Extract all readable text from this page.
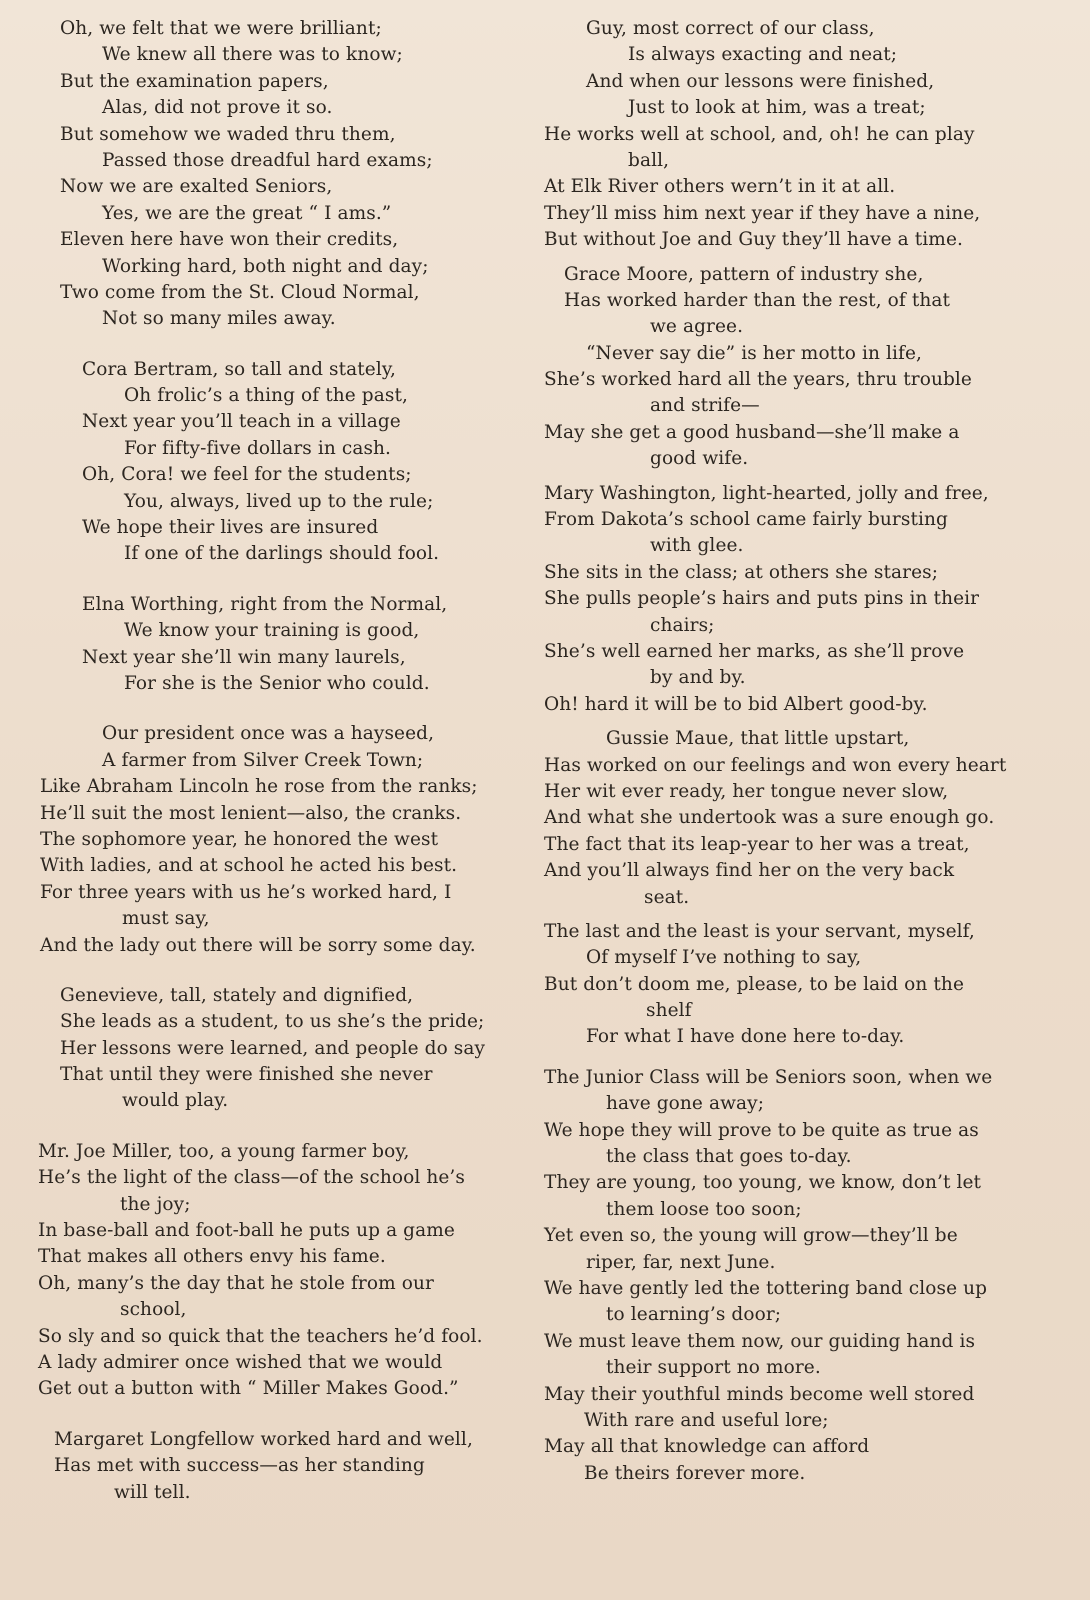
Oh, we felt that we were brilliant;
We knew all there was to know;
But the examination papers,
Alas, did not prove it so.
But somehow we waded thru them,
Passed those dreadful hard exams;
Now we are exalted Seniors,
Yes, we are the great “ I ams.”
Eleven here have won their credits,
Working hard, both night and day;
Two come from the St. Cloud Normal,
Not so many miles away.
Cora Bertram, so tall and stately,
Oh frolic’s a thing of the past,
Next year you’ll teach in a village
For fifty-five dollars in cash.
Oh, Cora! we feel for the students;
You, always, lived up to the rule;
We hope their lives are insured
If one of the darlings should fool.
Elna Worthing, right from the Normal,
We know your training is good,
Next year she’ll win many laurels,
For she is the Senior who could.
Our president once was a hayseed,
A farmer from Silver Creek Town;
Like Abraham Lincoln he rose from the ranks;
He’ll suit the most lenient—also, the cranks.
The sophomore year, he honored the west
With ladies, and at school he acted his best.
For three years with us he’s worked hard, I
must say,
And the lady out there will be sorry some day.
Genevieve, tall, stately and dignified,
She leads as a student, to us she’s the pride;
Her lessons were learned, and people do say
That until they were finished she never
would play.
Mr. Joe Miller, too, a young farmer boy,
He’s the light of the class—of the school he’s
the joy;
In base-ball and foot-ball he puts up a game
That makes all others envy his fame.
Oh, many’s the day that he stole from our
school,
So sly and so quick that the teachers he’d fool.
A lady admirer once wished that we would
Get out a button with “ Miller Makes Good.”
Margaret Longfellow worked hard and well,
Has met with success—as her standing
will tell.
Guy, most correct of our class,
Is always exacting and neat;
And when our lessons were finished,
Just to look at him, was a treat;
He works well at school, and, oh! he can play
ball,
At Elk River others wern’t in it at all.
They’ll miss him next year if they have a nine,
But without Joe and Guy they’ll have a time.
Grace Moore, pattern of industry she,
Has worked harder than the rest, of that
we agree.
“Never say die” is her motto in life,
She’s worked hard all the years, thru trouble
and strife—
May she get a good husband—she’ll make a
good wife.
Mary Washington, light-hearted, jolly and free,
From Dakota’s school came fairly bursting
with glee.
She sits in the class; at others she stares;
She pulls people’s hairs and puts pins in their
chairs;
She’s well earned her marks, as she’ll prove
by and by.
Oh! hard it will be to bid Albert good-by.
Gussie Maue, that little upstart,
Has worked on our feelings and won every heart
Her wit ever ready, her tongue never slow,
And what she undertook was a sure enough go.
The fact that its leap-year to her was a treat,
And you’ll always find her on the very back
seat.
The last and the least is your servant, myself,
Of myself I’ve nothing to say,
But don’t doom me, please, to be laid on the
shelf
For what I have done here to-day.
The Junior Class will be Seniors soon, when we
have gone away;
We hope they will prove to be quite as true as
the class that goes to-day.
They are young, too young, we know, don’t let
them loose too soon;
Yet even so, the young will grow—they’ll be
riper, far, next June.
We have gently led the tottering band close up
to learning’s door;
We must leave them now, our guiding hand is
their support no more.
May their youthful minds become well stored
With rare and useful lore;
May all that knowledge can afford
Be theirs forever more.
